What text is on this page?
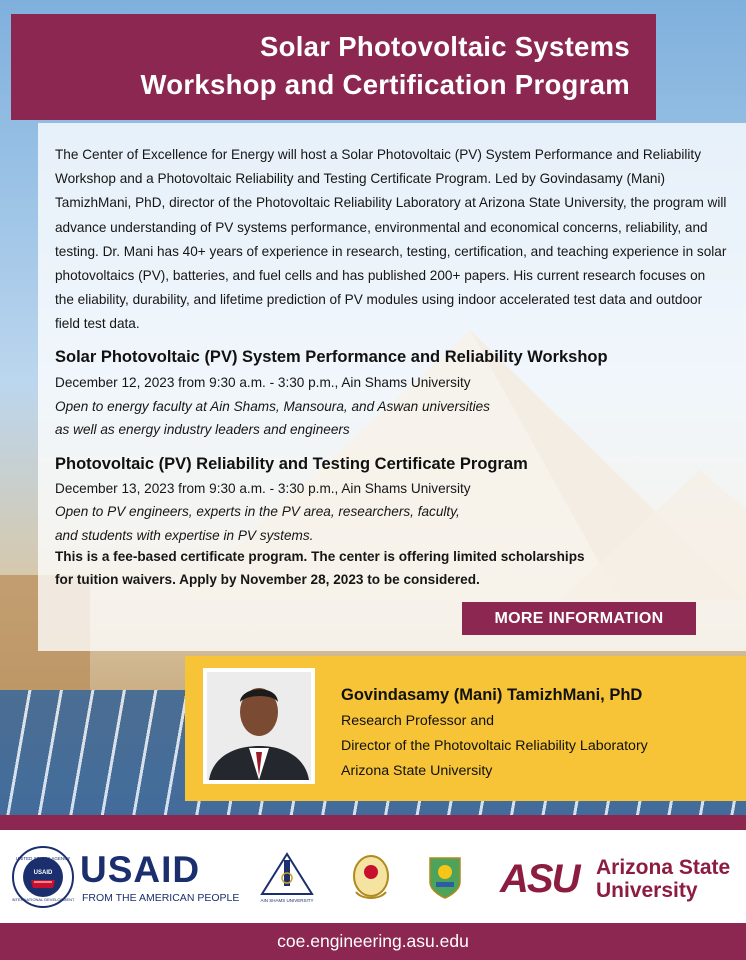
Solar Photovoltaic Systems
Workshop and Certification Program

The Center of Excellence for Energy will host a Solar Photovoltaic (PV) System Performance and Reliability Workshop and a Photovoltaic Reliability and Testing Certificate Program. Led by Govindasamy (Mani) TamizhMani, PhD, director of the Photovoltaic Reliability Laboratory at Arizona State University, the program will advance understanding of PV systems performance, environmental and economical concerns, reliability, and testing. Dr. Mani has 40+ years of experience in research, testing, certification, and teaching experience in solar photovoltaics (PV), batteries, and fuel cells and has published 200+ papers. His current research focuses on the eliability, durability, and lifetime prediction of PV modules using indoor accelerated test data and outdoor field test data.

Solar Photovoltaic (PV) System Performance and Reliability Workshop

December 12, 2023 from 9:30 a.m. - 3:30 p.m., Ain Shams University

Open to energy faculty at Ain Shams, Mansoura, and Aswan universities

as well as energy industry leaders and engineers

Photovoltaic (PV) Reliability and Testing Certificate Program

December 13, 2023 from 9:30 a.m. - 3:30 p.m., Ain Shams University

Open to PV engineers, experts in the PV area, researchers, faculty,

and students with expertise in PV systems.

This is a fee-based certificate program. The center is offering limited scholarships

for tuition waivers. Apply by November 28, 2023 to be considered.

MORE INFORMATION

Govindasamy (Mani) TamizhMani, PhD

Research Professor and

Director of the Photovoltaic Reliability Laboratory

Arizona State University

UNITED STATES AGENCY
INTERNATIONAL DEVELOPMENT
USAID USAID
FROM THE AMERICAN PEOPLE	AIN SHAMS UNIVERSITY	ASU Arizona State
University
coe.engineering.asu.edu
